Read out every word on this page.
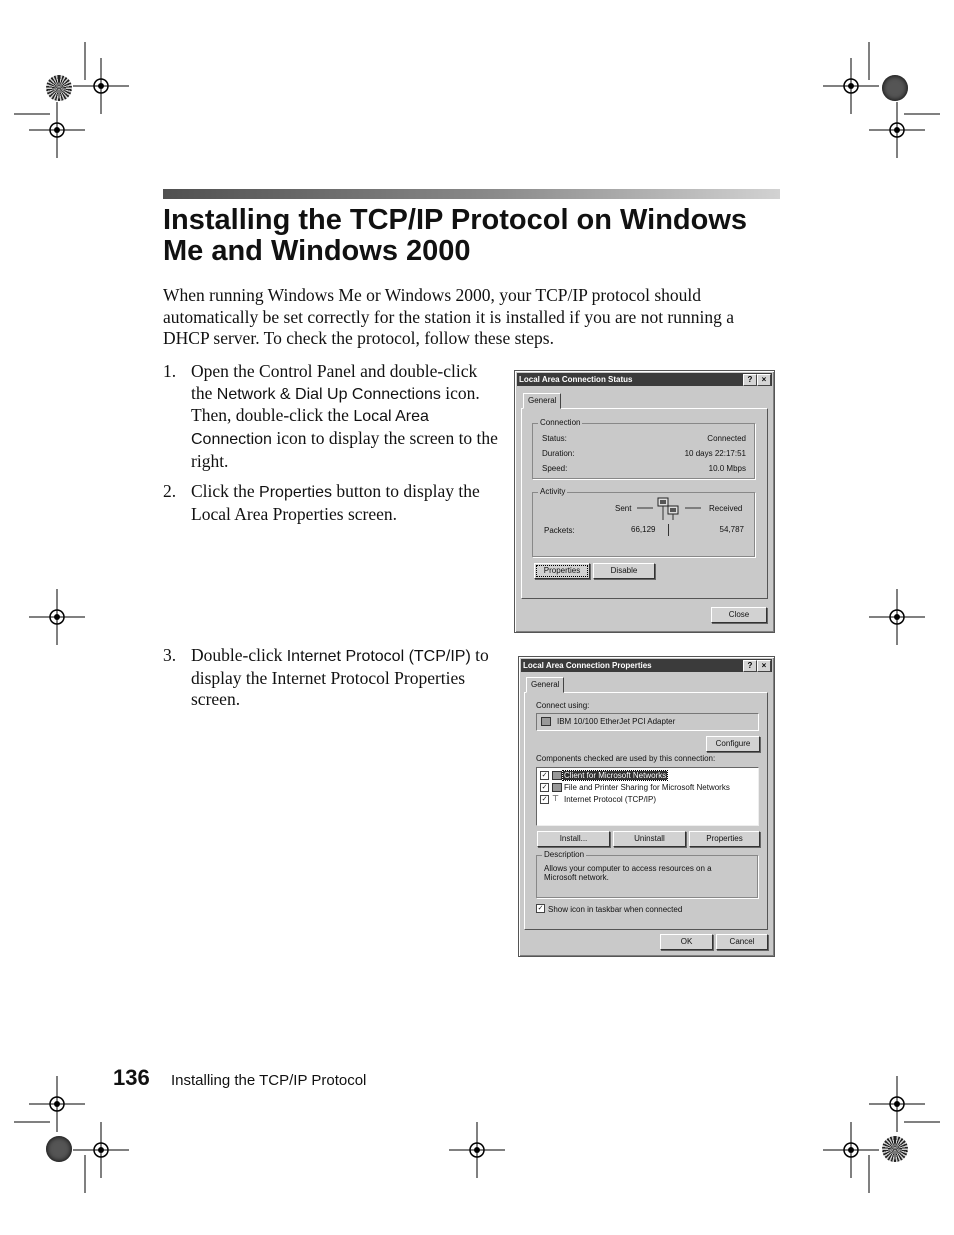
Installing the TCP/IP Protocol on Windows Me and Windows 2000
When running Windows Me or Windows 2000, your TCP/IP protocol should automatically be set correctly for the station it is installed if you are not running a DHCP server. To check the protocol, follow these steps.
1. Open the Control Panel and double-click the Network & Dial Up Connections icon. Then, double-click the Local Area Connection icon to display the screen to the right.
2. Click the Properties button to display the Local Area Properties screen.
3. Double-click Internet Protocol (TCP/IP) to display the Internet Protocol Properties screen.
Local Area Connection Status	?	×
General
Connection
Status:	Connected
Duration:	10 days 22:17:51
Speed:	10.0 Mbps
Activity
Sent	Received
Packets:	66,129	54,787
Properties	Disable
Close
Local Area Connection Properties	?	×
General
Connect using:
IBM 10/100 EtherJet PCI Adapter
Configure
Components checked are used by this connection:
✓ Client for Microsoft Networks
✓ File and Printer Sharing for Microsoft Networks
✓ ⊤ Internet Protocol (TCP/IP)
Install...	Uninstall	Properties
Description
Allows your computer to access resources on a Microsoft network.
✓ Show icon in taskbar when connected
OK	Cancel
136 Installing the TCP/IP Protocol
